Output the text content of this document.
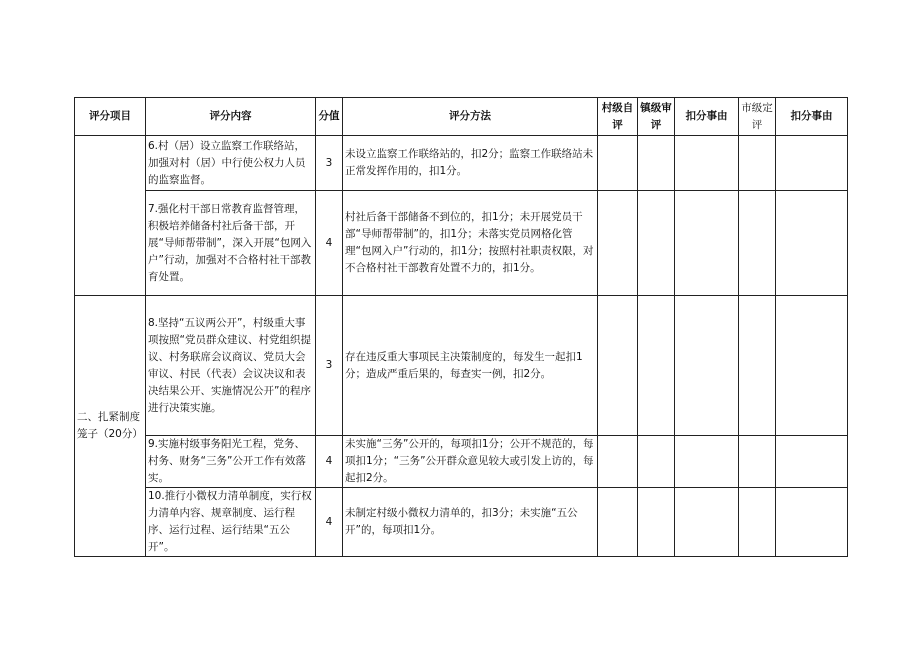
评分项目	评分内容	分值	评分方法	村级自评	镇级审评	扣分事由	市级定评	扣分事由
	6.村（居）设立监察工作联络站，加强对村（居）中行使公权力人员的监察监督。	3	未设立监察工作联络站的，扣2分；监察工作联络站未正常发挥作用的，扣1分。					
	7.强化村干部日常教育监督管理，积极培养储备村社后备干部，开展“导师帮带制”，深入开展“包网入户”行动，加强对不合格村社干部教育处置。	4	村社后备干部储备不到位的，扣1分；未开展党员干部“导师帮带制”的，扣1分；未落实党员网格化管理“包网入户”行动的，扣1分；按照村社职责权限，对不合格村社干部教育处置不力的，扣1分。					
二、扎紧制度笼子（20分）	8.坚持“五议两公开”，村级重大事项按照“党员群众建议、村党组织提议、村务联席会议商议、党员大会审议、村民（代表）会议决议和表决结果公开、实施情况公开”的程序进行决策实施。	3	存在违反重大事项民主决策制度的，每发生一起扣1分；造成严重后果的，每查实一例，扣2分。					
	9.实施村级事务阳光工程，党务、村务、财务“三务”公开工作有效落实。	4	未实施“三务”公开的，每项扣1分；公开不规范的，每项扣1分；“三务”公开群众意见较大或引发上访的，每起扣2分。					
	10.推行小微权力清单制度，实行权力清单内容、规章制度、运行程序、运行过程、运行结果“五公开”。	4	未制定村级小微权力清单的，扣3分；未实施“五公开”的，每项扣1分。					
